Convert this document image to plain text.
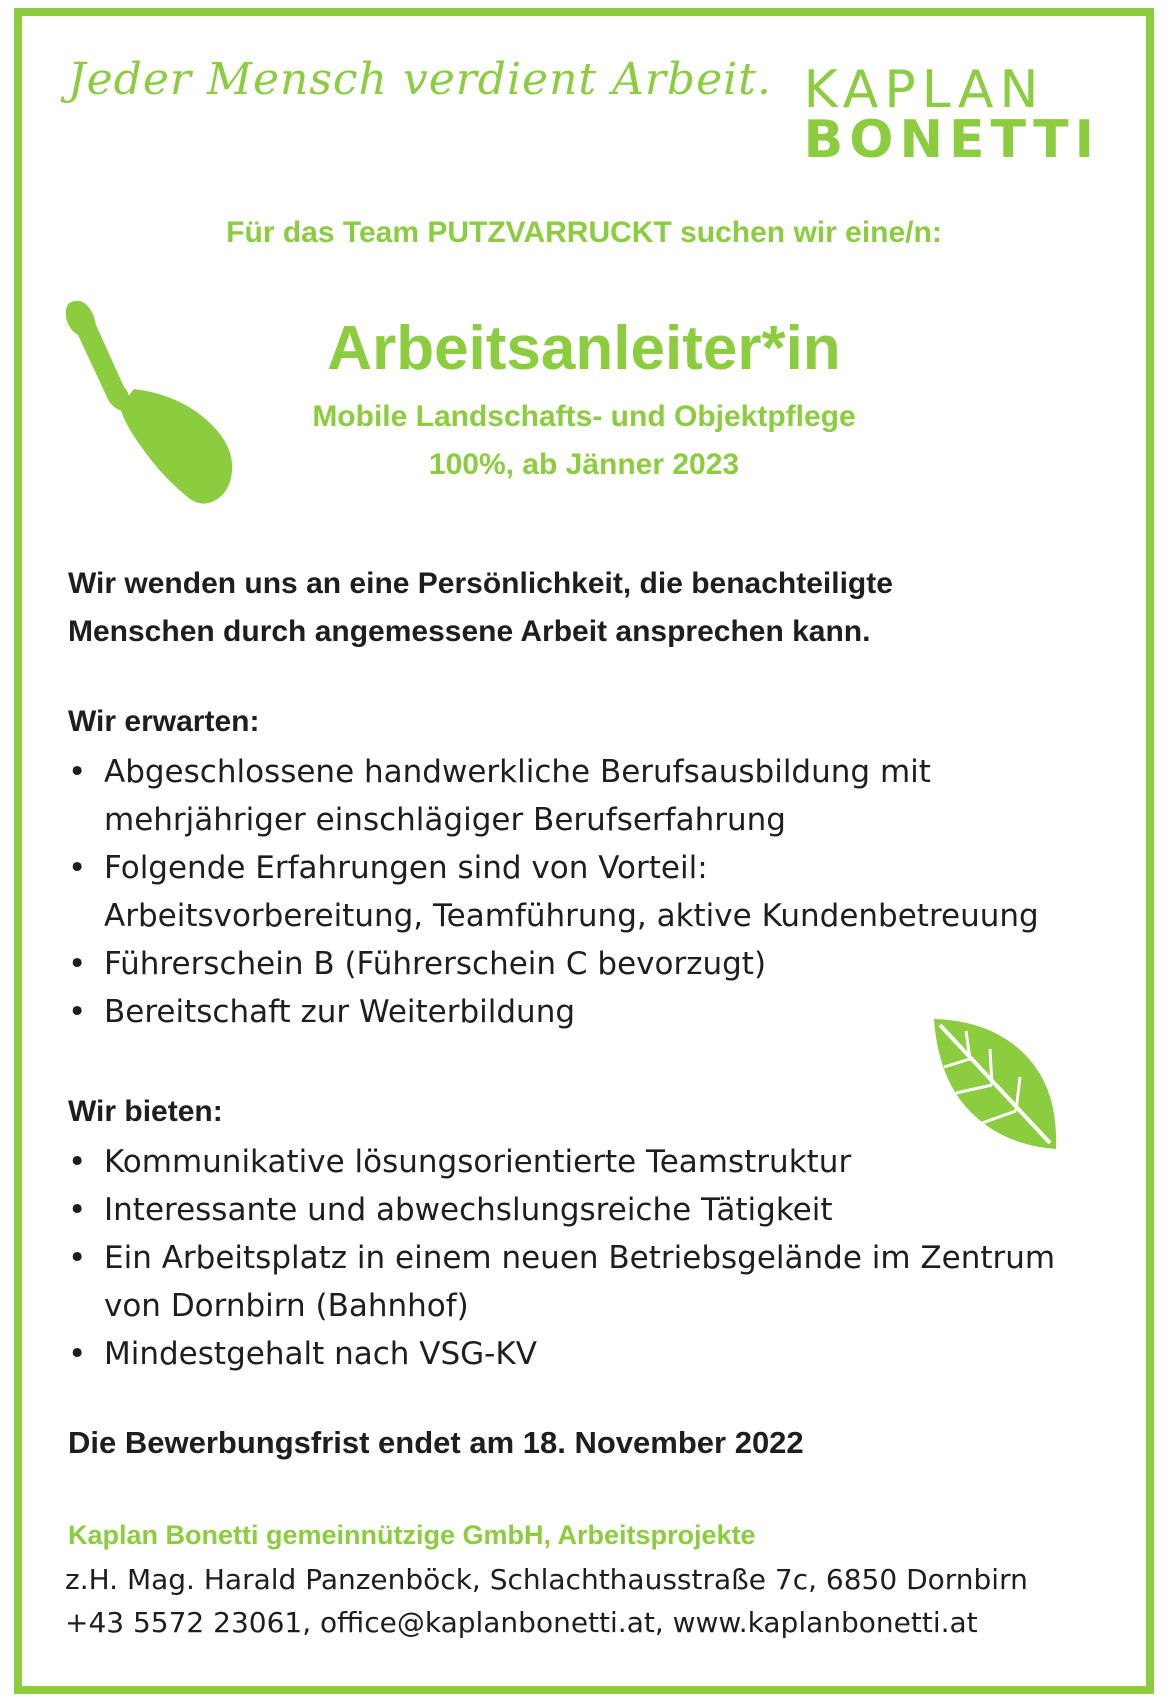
Jeder Mensch verdient Arbeit. KAPLAN
BONETTI
Für das Team PUTZVARRUCKT suchen wir eine/n:
Arbeitsanleiter*in
Mobile Landschafts- und Objektpflege
100%, ab Jänner 2023
Wir wenden uns an eine Persönlichkeit, die benachteiligte
Menschen durch angemessene Arbeit ansprechen kann.
Wir erwarten:
• Abgeschlossene handwerkliche Berufsausbildung mit
mehrjähriger einschlägiger Berufserfahrung
• Folgende Erfahrungen sind von Vorteil:
Arbeitsvorbereitung, Teamführung, aktive Kundenbetreuung
• Führerschein B (Führerschein C bevorzugt)
• Bereitschaft zur Weiterbildung
Wir bieten:
• Kommunikative lösungsorientierte Teamstruktur
• Interessante und abwechslungsreiche Tätigkeit
• Ein Arbeitsplatz in einem neuen Betriebsgelände im Zentrum
von Dornbirn (Bahnhof)
• Mindestgehalt nach VSG-KV
Die Bewerbungsfrist endet am 18. November 2022
Kaplan Bonetti gemeinnützige GmbH, Arbeitsprojekte
z.H. Mag. Harald Panzenböck, Schlachthausstraße 7c, 6850 Dornbirn
+43 5572 23061, office@kaplanbonetti.at, www.kaplanbonetti.at
